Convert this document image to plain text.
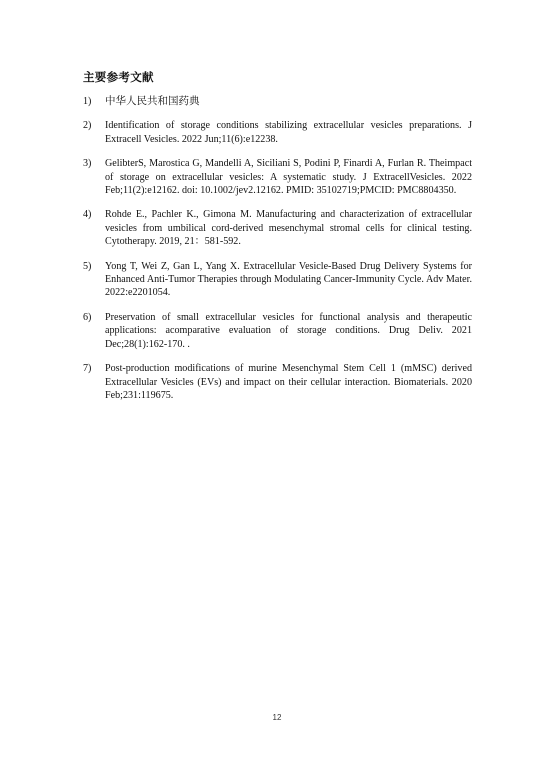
主要参考文献
1) 中华人民共和国药典
2) Identification of storage conditions stabilizing extracellular vesicles preparations. J Extracell Vesicles. 2022 Jun;11(6):e12238.
3) GelibterS, Marostica G, Mandelli A, Siciliani S, Podini P, Finardi A, Furlan R. Theimpact of storage on extracellular vesicles: A systematic study. J ExtracellVesicles. 2022 Feb;11(2):e12162. doi: 10.1002/jev2.12162. PMID: 35102719;PMCID: PMC8804350.
4) Rohde E., Pachler K., Gimona M. Manufacturing and characterization of extracellular vesicles from umbilical cord-derived mesenchymal stromal cells for clinical testing. Cytotherapy. 2019, 21：581-592.
5) Yong T, Wei Z, Gan L, Yang X. Extracellular Vesicle-Based Drug Delivery Systems for Enhanced Anti-Tumor Therapies through Modulating Cancer-Immunity Cycle. Adv Mater. 2022:e2201054.
6) Preservation of small extracellular vesicles for functional analysis and therapeutic applications: acomparative evaluation of storage conditions. Drug Deliv. 2021 Dec;28(1):162-170. .
7) Post-production modifications of murine Mesenchymal Stem Cell 1 (mMSC) derived Extracellular Vesicles (EVs) and impact on their cellular interaction. Biomaterials. 2020 Feb;231:119675.
12
